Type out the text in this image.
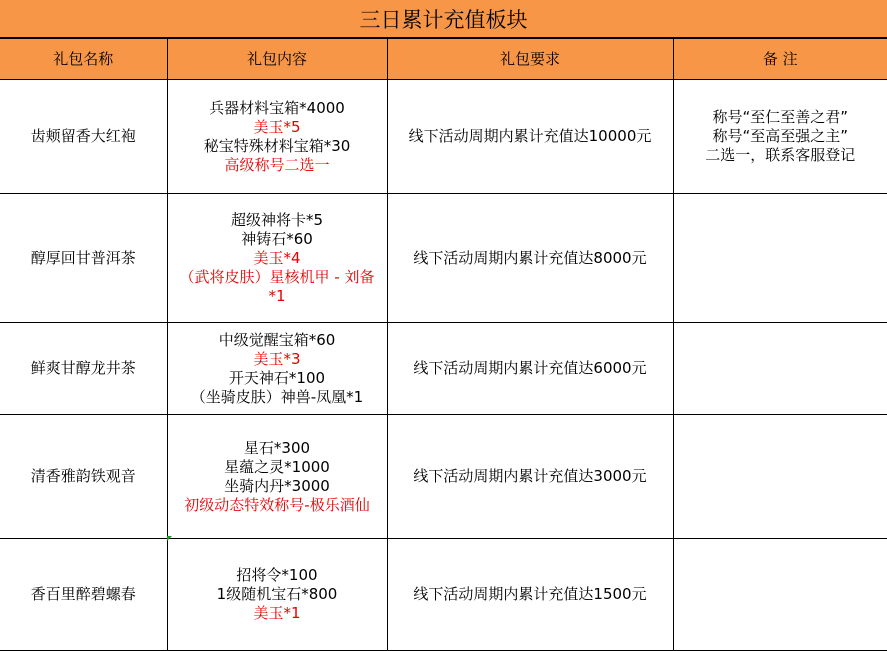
三日累计充值板块
礼包名称	礼包内容	礼包要求	备 注
齿颊留香大红袍	兵器材料宝箱*4000
美玉*5
秘宝特殊材料宝箱*30
高级称号二选一	线下活动周期内累计充值达10000元	称号“至仁至善之君”
称号“至高至强之主”
二选一，联系客服登记

醇厚回甘普洱茶	超级神将卡*5
神铸石*60
美玉*4
（武将皮肤）星核机甲 - 刘备*1	线下活动周期内累计充值达8000元	
鲜爽甘醇龙井茶	中级觉醒宝箱*60
美玉*3
开天神石*100
（坐骑皮肤）神兽-凤凰*1	线下活动周期内累计充值达6000元	
清香雅韵铁观音	星石*300
星蕴之灵*1000
坐骑内丹*3000
初级动态特效称号-极乐酒仙	线下活动周期内累计充值达3000元	
香百里醉碧螺春	招将令*100
1级随机宝石*800
美玉*1	线下活动周期内累计充值达1500元	
